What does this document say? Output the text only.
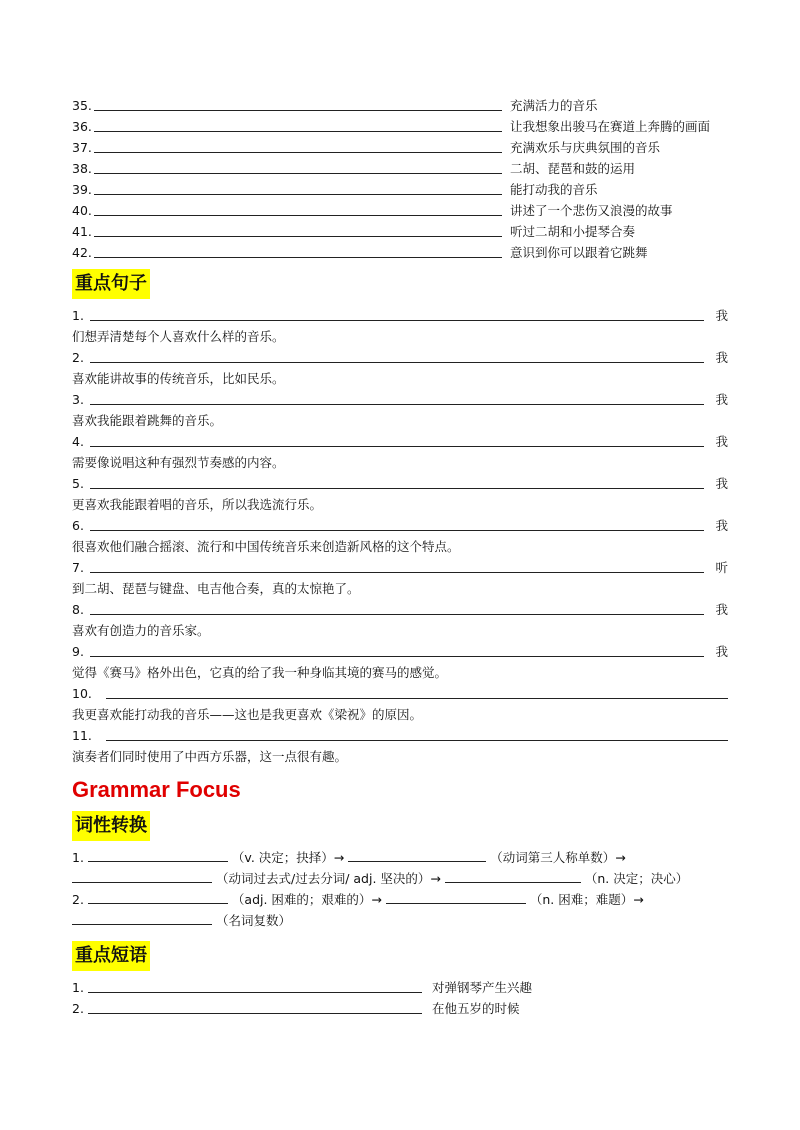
35.	充满活力的音乐
36.	让我想象出骏马在赛道上奔腾的画面
37.	充满欢乐与庆典氛围的音乐
38.	二胡、琵琶和鼓的运用
39.	能打动我的音乐
40.	讲述了一个悲伤又浪漫的故事
41.	听过二胡和小提琴合奏
42.	意识到你可以跟着它跳舞
重点句子
1.	我
们想弄清楚每个人喜欢什么样的音乐。
2.	我
喜欢能讲故事的传统音乐，比如民乐。
3.	我
喜欢我能跟着跳舞的音乐。
4.	我
需要像说唱这种有强烈节奏感的内容。
5.	我
更喜欢我能跟着唱的音乐，所以我选流行乐。
6.	我
很喜欢他们融合摇滚、流行和中国传统音乐来创造新风格的这个特点。
7.	听
到二胡、琵琶与键盘、电吉他合奏，真的太惊艳了。
8.	我
喜欢有创造力的音乐家。
9.	我
觉得《赛马》格外出色，它真的给了我一种身临其境的赛马的感觉。
10.
我更喜欢能打动我的音乐——这也是我更喜欢《梁祝》的原因。
11.
演奏者们同时使用了中西方乐器，这一点很有趣。
Grammar Focus
词性转换
1.	（v. 决定；抉择）→	（动词第三人称单数）→
（动词过去式/过去分词/ adj. 坚决的）→	（n. 决定；决心）
2.	（adj. 困难的；艰难的）→	（n. 困难；难题）→
（名词复数）
重点短语
1.	对弹钢琴产生兴趣
2.	在他五岁的时候
